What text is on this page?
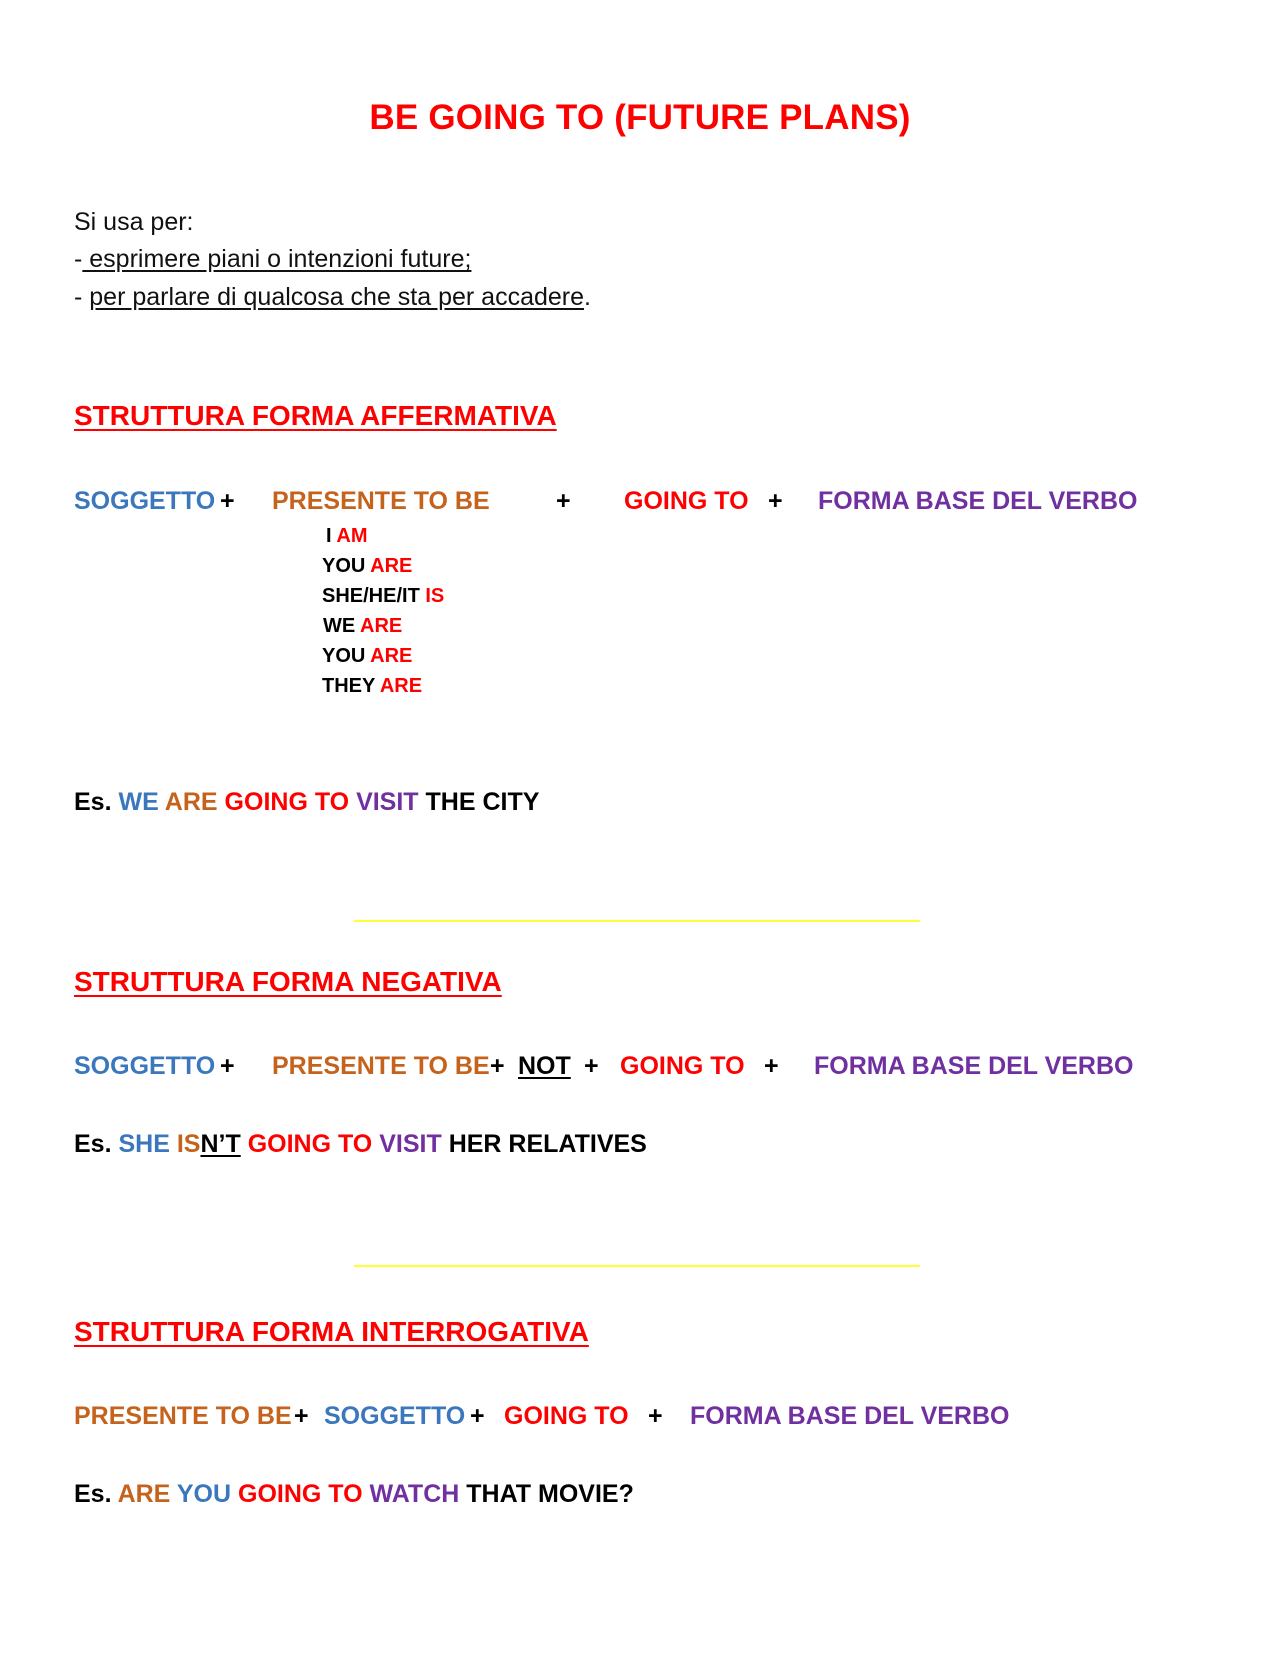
BE GOING TO (FUTURE PLANS)
Si usa per:
- esprimere piani o intenzioni future;
- per parlare di qualcosa che sta per accadere.
STRUTTURA FORMA AFFERMATIVA
SOGGETTO + PRESENTE TO BE	+ GOING TO + FORMA BASE DEL VERBO
I AM
YOU ARE
SHE/HE/IT IS
WE ARE
YOU ARE
THEY ARE
Es. WE ARE GOING TO VISIT THE CITY
STRUTTURA FORMA NEGATIVA
SOGGETTO + PRESENTE TO BE + NOT + GOING TO + FORMA BASE DEL VERBO
Es. SHE ISN’T GOING TO VISIT HER RELATIVES
STRUTTURA FORMA INTERROGATIVA
PRESENTE TO BE + SOGGETTO + GOING TO + FORMA BASE DEL VERBO
Es. ARE YOU GOING TO WATCH THAT MOVIE?
